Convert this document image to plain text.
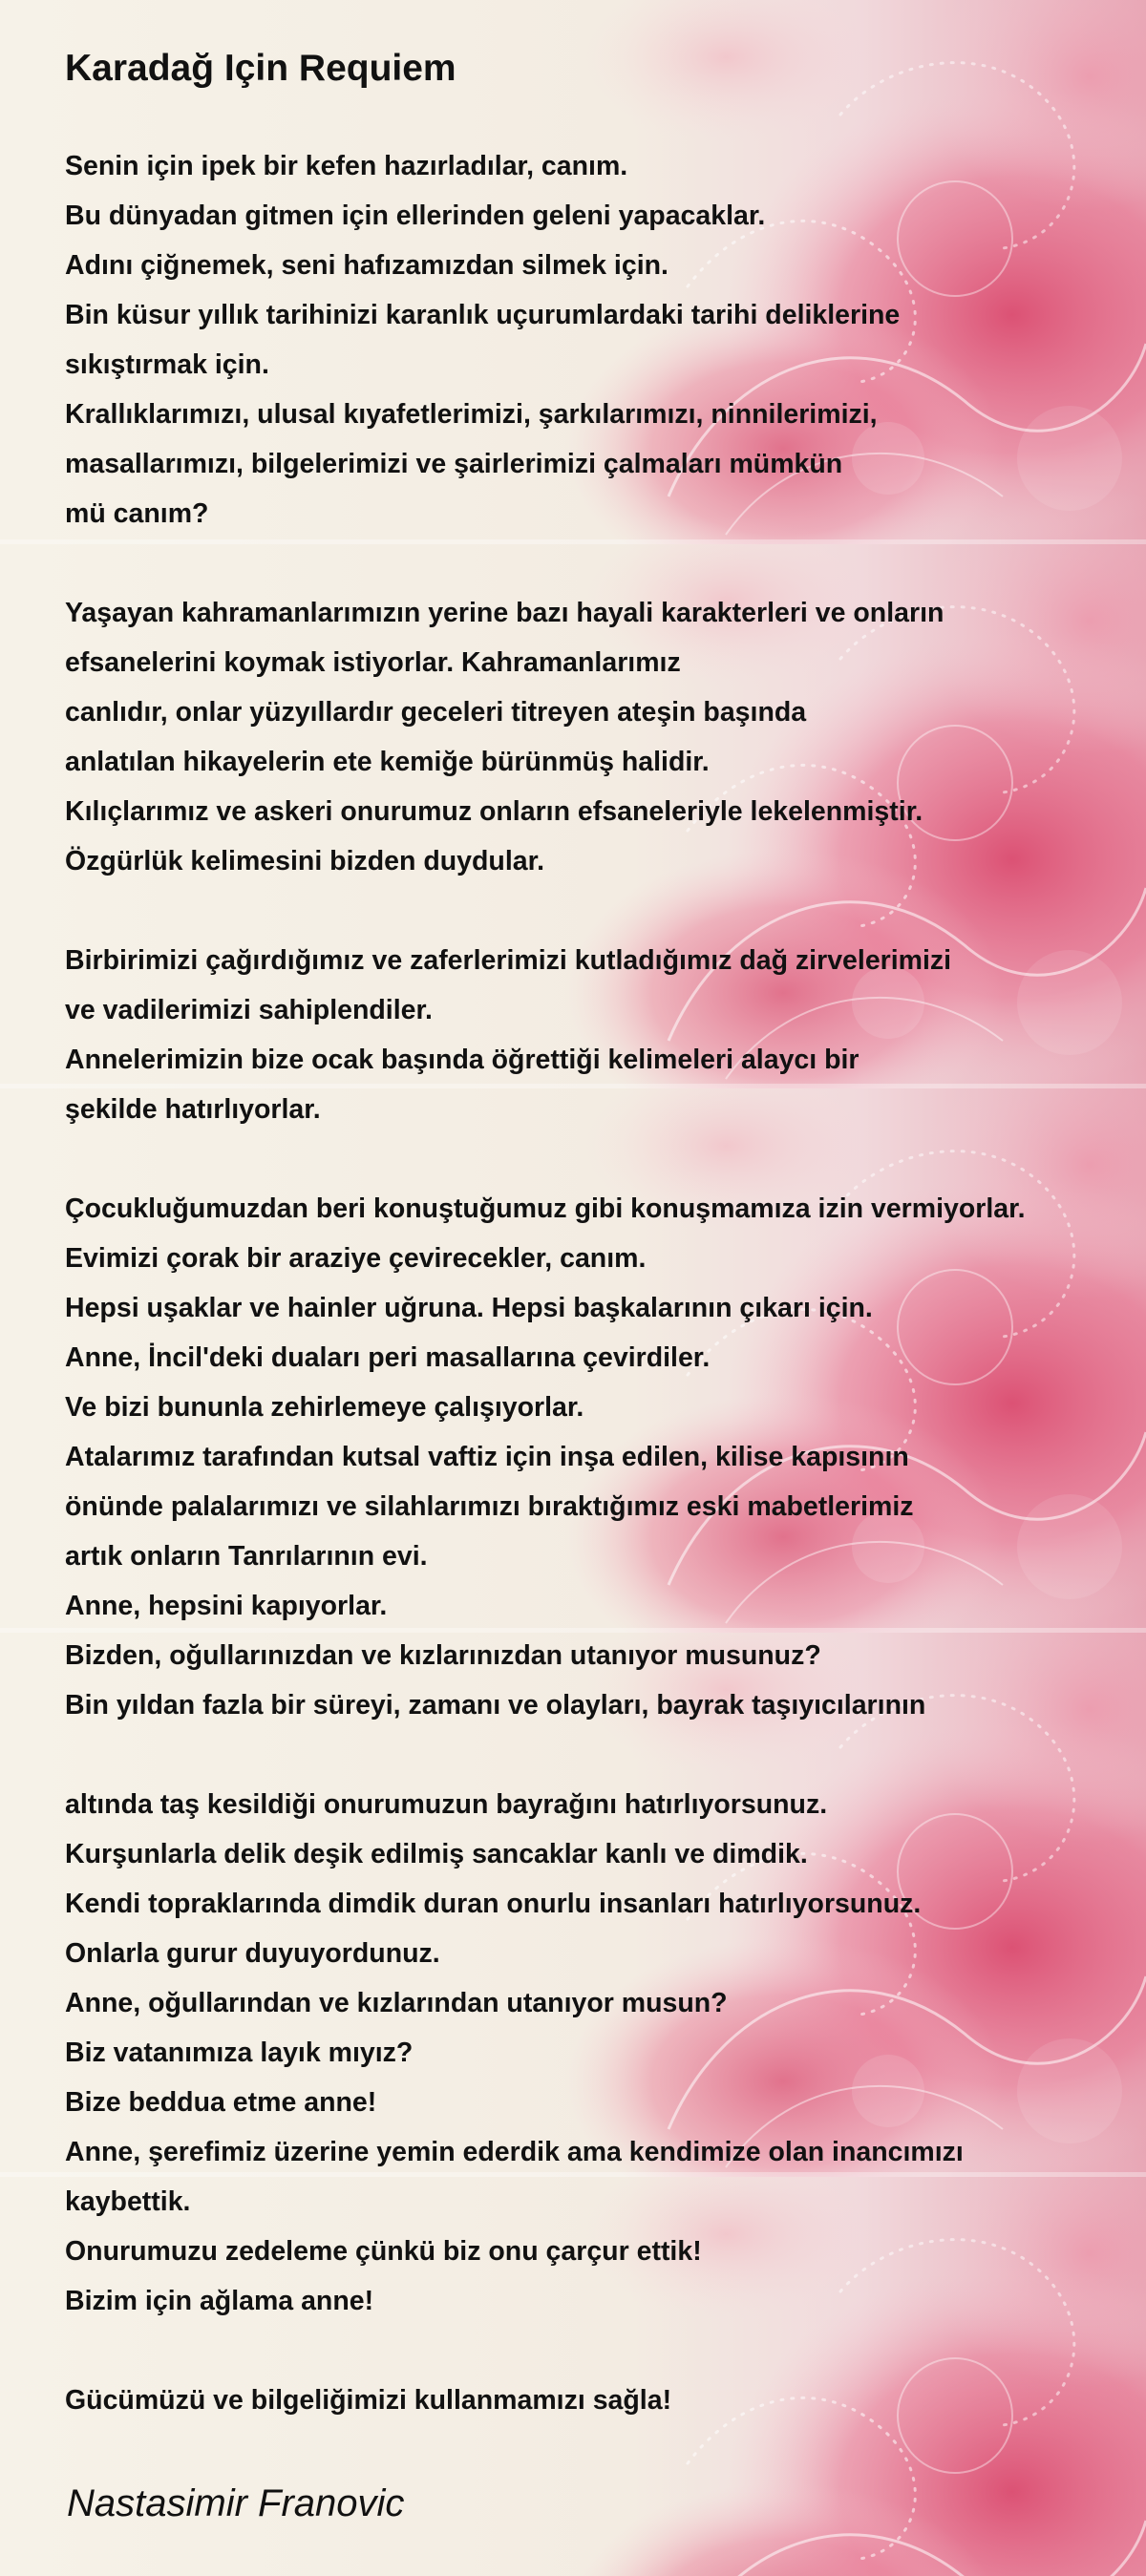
Karadağ Için Requiem
Senin için ipek bir kefen hazırladılar, canım.
Bu dünyadan gitmen için ellerinden geleni yapacaklar.
Adını çiğnemek, seni hafızamızdan silmek için.
Bin küsur yıllık tarihinizi karanlık uçurumlardaki tarihi deliklerine
sıkıştırmak için.
Krallıklarımızı, ulusal kıyafetlerimizi, şarkılarımızı, ninnilerimizi,
masallarımızı, bilgelerimizi ve şairlerimizi çalmaları mümkün
mü canım?
Yaşayan kahramanlarımızın yerine bazı hayali karakterleri ve onların
efsanelerini koymak istiyorlar. Kahramanlarımız
canlıdır, onlar yüzyıllardır geceleri titreyen ateşin başında
anlatılan hikayelerin ete kemiğe bürünmüş halidir.
Kılıçlarımız ve askeri onurumuz onların efsaneleriyle lekelenmiştir.
Özgürlük kelimesini bizden duydular.
Birbirimizi çağırdığımız ve zaferlerimizi kutladığımız dağ zirvelerimizi
ve vadilerimizi sahiplendiler.
Annelerimizin bize ocak başında öğrettiği kelimeleri alaycı bir
şekilde hatırlıyorlar.
Çocukluğumuzdan beri konuştuğumuz gibi konuşmamıza izin vermiyorlar.
Evimizi çorak bir araziye çevirecekler, canım.
Hepsi uşaklar ve hainler uğruna. Hepsi başkalarının çıkarı için.
Anne, İncil'deki duaları peri masallarına çevirdiler.
Ve bizi bununla zehirlemeye çalışıyorlar.
Atalarımız tarafından kutsal vaftiz için inşa edilen, kilise kapısının
önünde palalarımızı ve silahlarımızı bıraktığımız eski mabetlerimiz
artık onların Tanrılarının evi.
Anne, hepsini kapıyorlar.
Bizden, oğullarınızdan ve kızlarınızdan utanıyor musunuz?
Bin yıldan fazla bir süreyi, zamanı ve olayları, bayrak taşıyıcılarının
altında taş kesildiği onurumuzun bayrağını hatırlıyorsunuz.
Kurşunlarla delik deşik edilmiş sancaklar kanlı ve dimdik.
Kendi topraklarında dimdik duran onurlu insanları hatırlıyorsunuz.
Onlarla gurur duyuyordunuz.
Anne, oğullarından ve kızlarından utanıyor musun?
Biz vatanımıza layık mıyız?
Bize beddua etme anne!
Anne, şerefimiz üzerine yemin ederdik ama kendimize olan inancımızı
kaybettik.
Onurumuzu zedeleme çünkü biz onu çarçur ettik!
Bizim için ağlama anne!
Gücümüzü ve bilgeliğimizi kullanmamızı sağla!
Nastasimir Franovic
